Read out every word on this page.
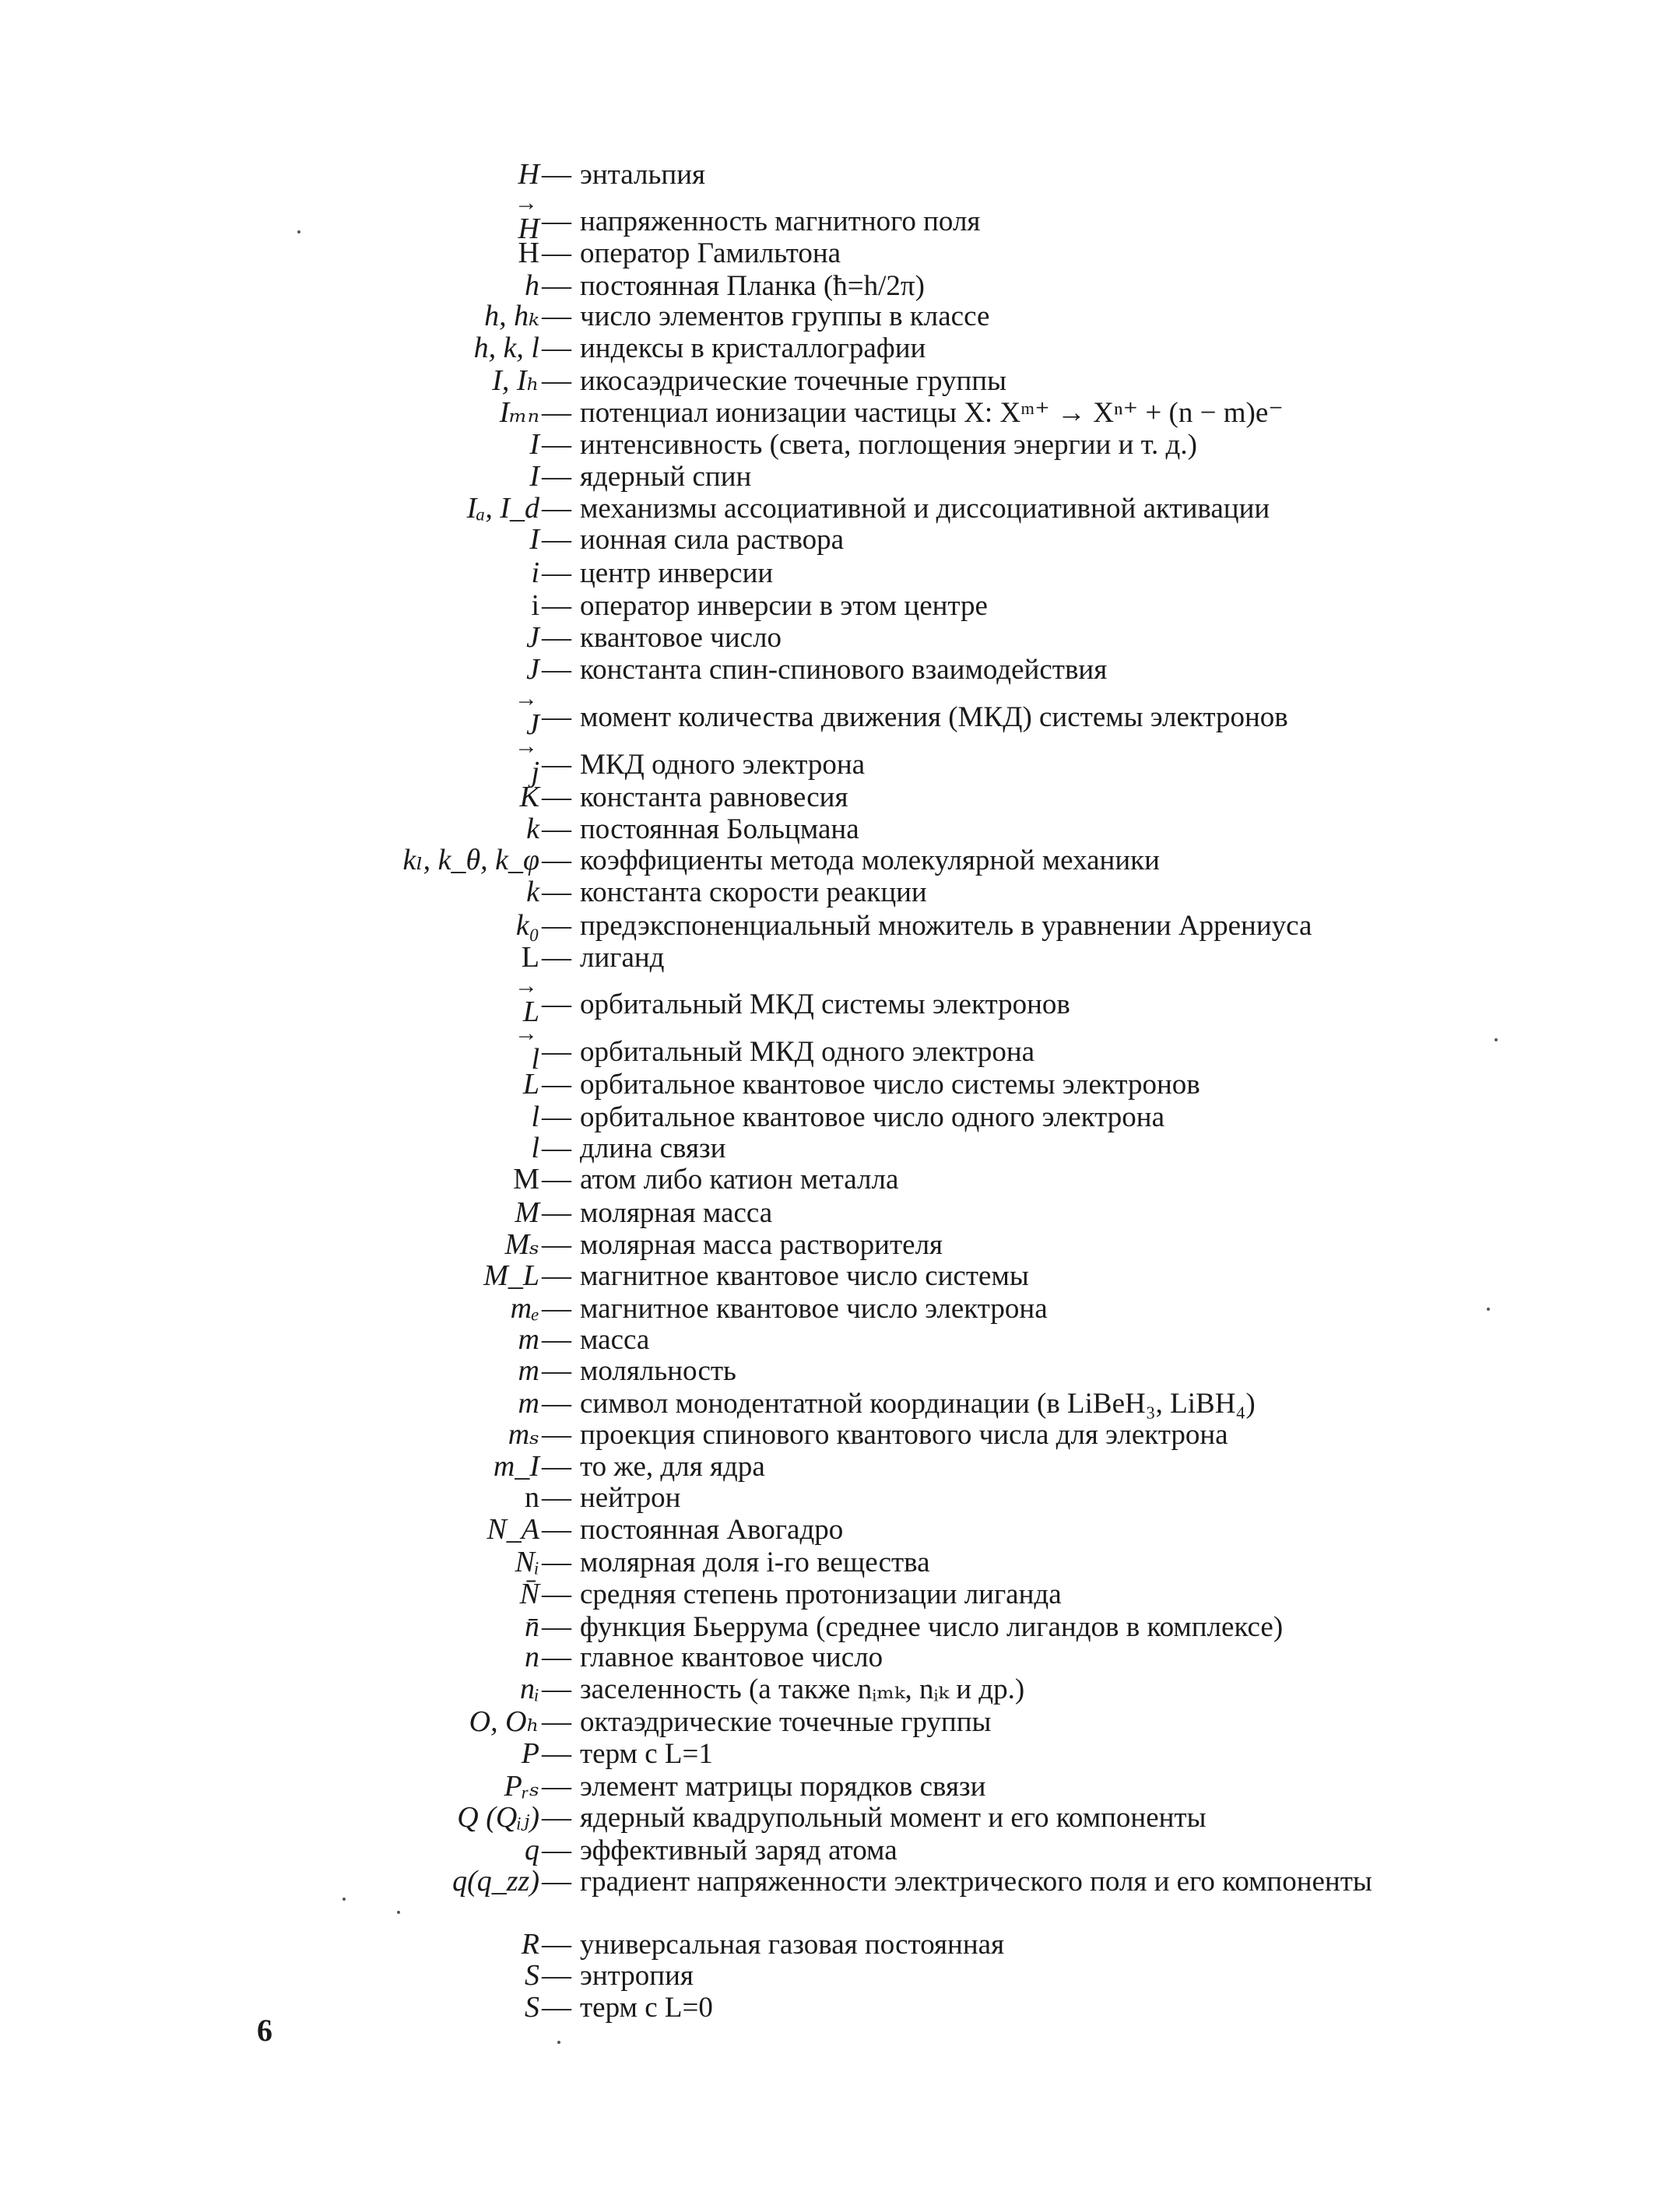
H — энтальпия
→ H — напряженность магнитного поля
H — оператор Гамильтона
h — постоянная Планка (ħ=h/2π)
h, hₖ — число элементов группы в классе
h, k, l — индексы в кристаллографии
I, Iₕ — икосаэдрические точечные группы
Iₘₙ — потенциал ионизации частицы X: Xᵐ⁺ → Xⁿ⁺ + (n − m)e⁻
I — интенсивность (света, поглощения энергии и т. д.)
I — ядерный спин
Iₐ, I_d — механизмы ассоциативной и диссоциативной активации
I — ионная сила раствора
i — центр инверсии
i — оператор инверсии в этом центре
J — квантовое число
J — константа спин-спинового взаимодействия
→ J — момент количества движения (МКД) системы электронов
→ j — МКД одного электрона
K — константа равновесия
k — постоянная Больцмана
kₗ, k_θ, k_φ — коэффициенты метода молекулярной механики
k — константа скорости реакции
k₀ — предэкспоненциальный множитель в уравнении Аррениуса
L — лиганд
→ L — орбитальный МКД системы электронов
→ l — орбитальный МКД одного электрона
L — орбитальное квантовое число системы электронов
l — орбитальное квантовое число одного электрона
l — длина связи
M — атом либо катион металла
M — молярная масса
Mₛ — молярная масса растворителя
M_L — магнитное квантовое число системы
mₑ — магнитное квантовое число электрона
m — масса
m — моляльность
m — символ монодентатной координации (в LiBeH₃, LiBH₄)
mₛ — проекция спинового квантового числа для электрона
m_I — то же, для ядра
n — нейтрон
N_A — постоянная Авогадро
Nᵢ — молярная доля i-го вещества
N̄ — средняя степень протонизации лиганда
n̄ — функция Бьеррума (среднее число лигандов в комплексе)
n — главное квантовое число
nᵢ — заселенность (а также nᵢₘₖ, nᵢₖ и др.)
O, Oₕ — октаэдрические точечные группы
P — терм с L=1
Pᵣₛ — элемент матрицы порядков связи
Q (Qᵢⱼ) — ядерный квадрупольный момент и его компоненты
q — эффективный заряд атома
q(q_zz) — градиент напряженности электрического поля и его компоненты
R — универсальная газовая постоянная
S — энтропия
S — терм с L=0
6
